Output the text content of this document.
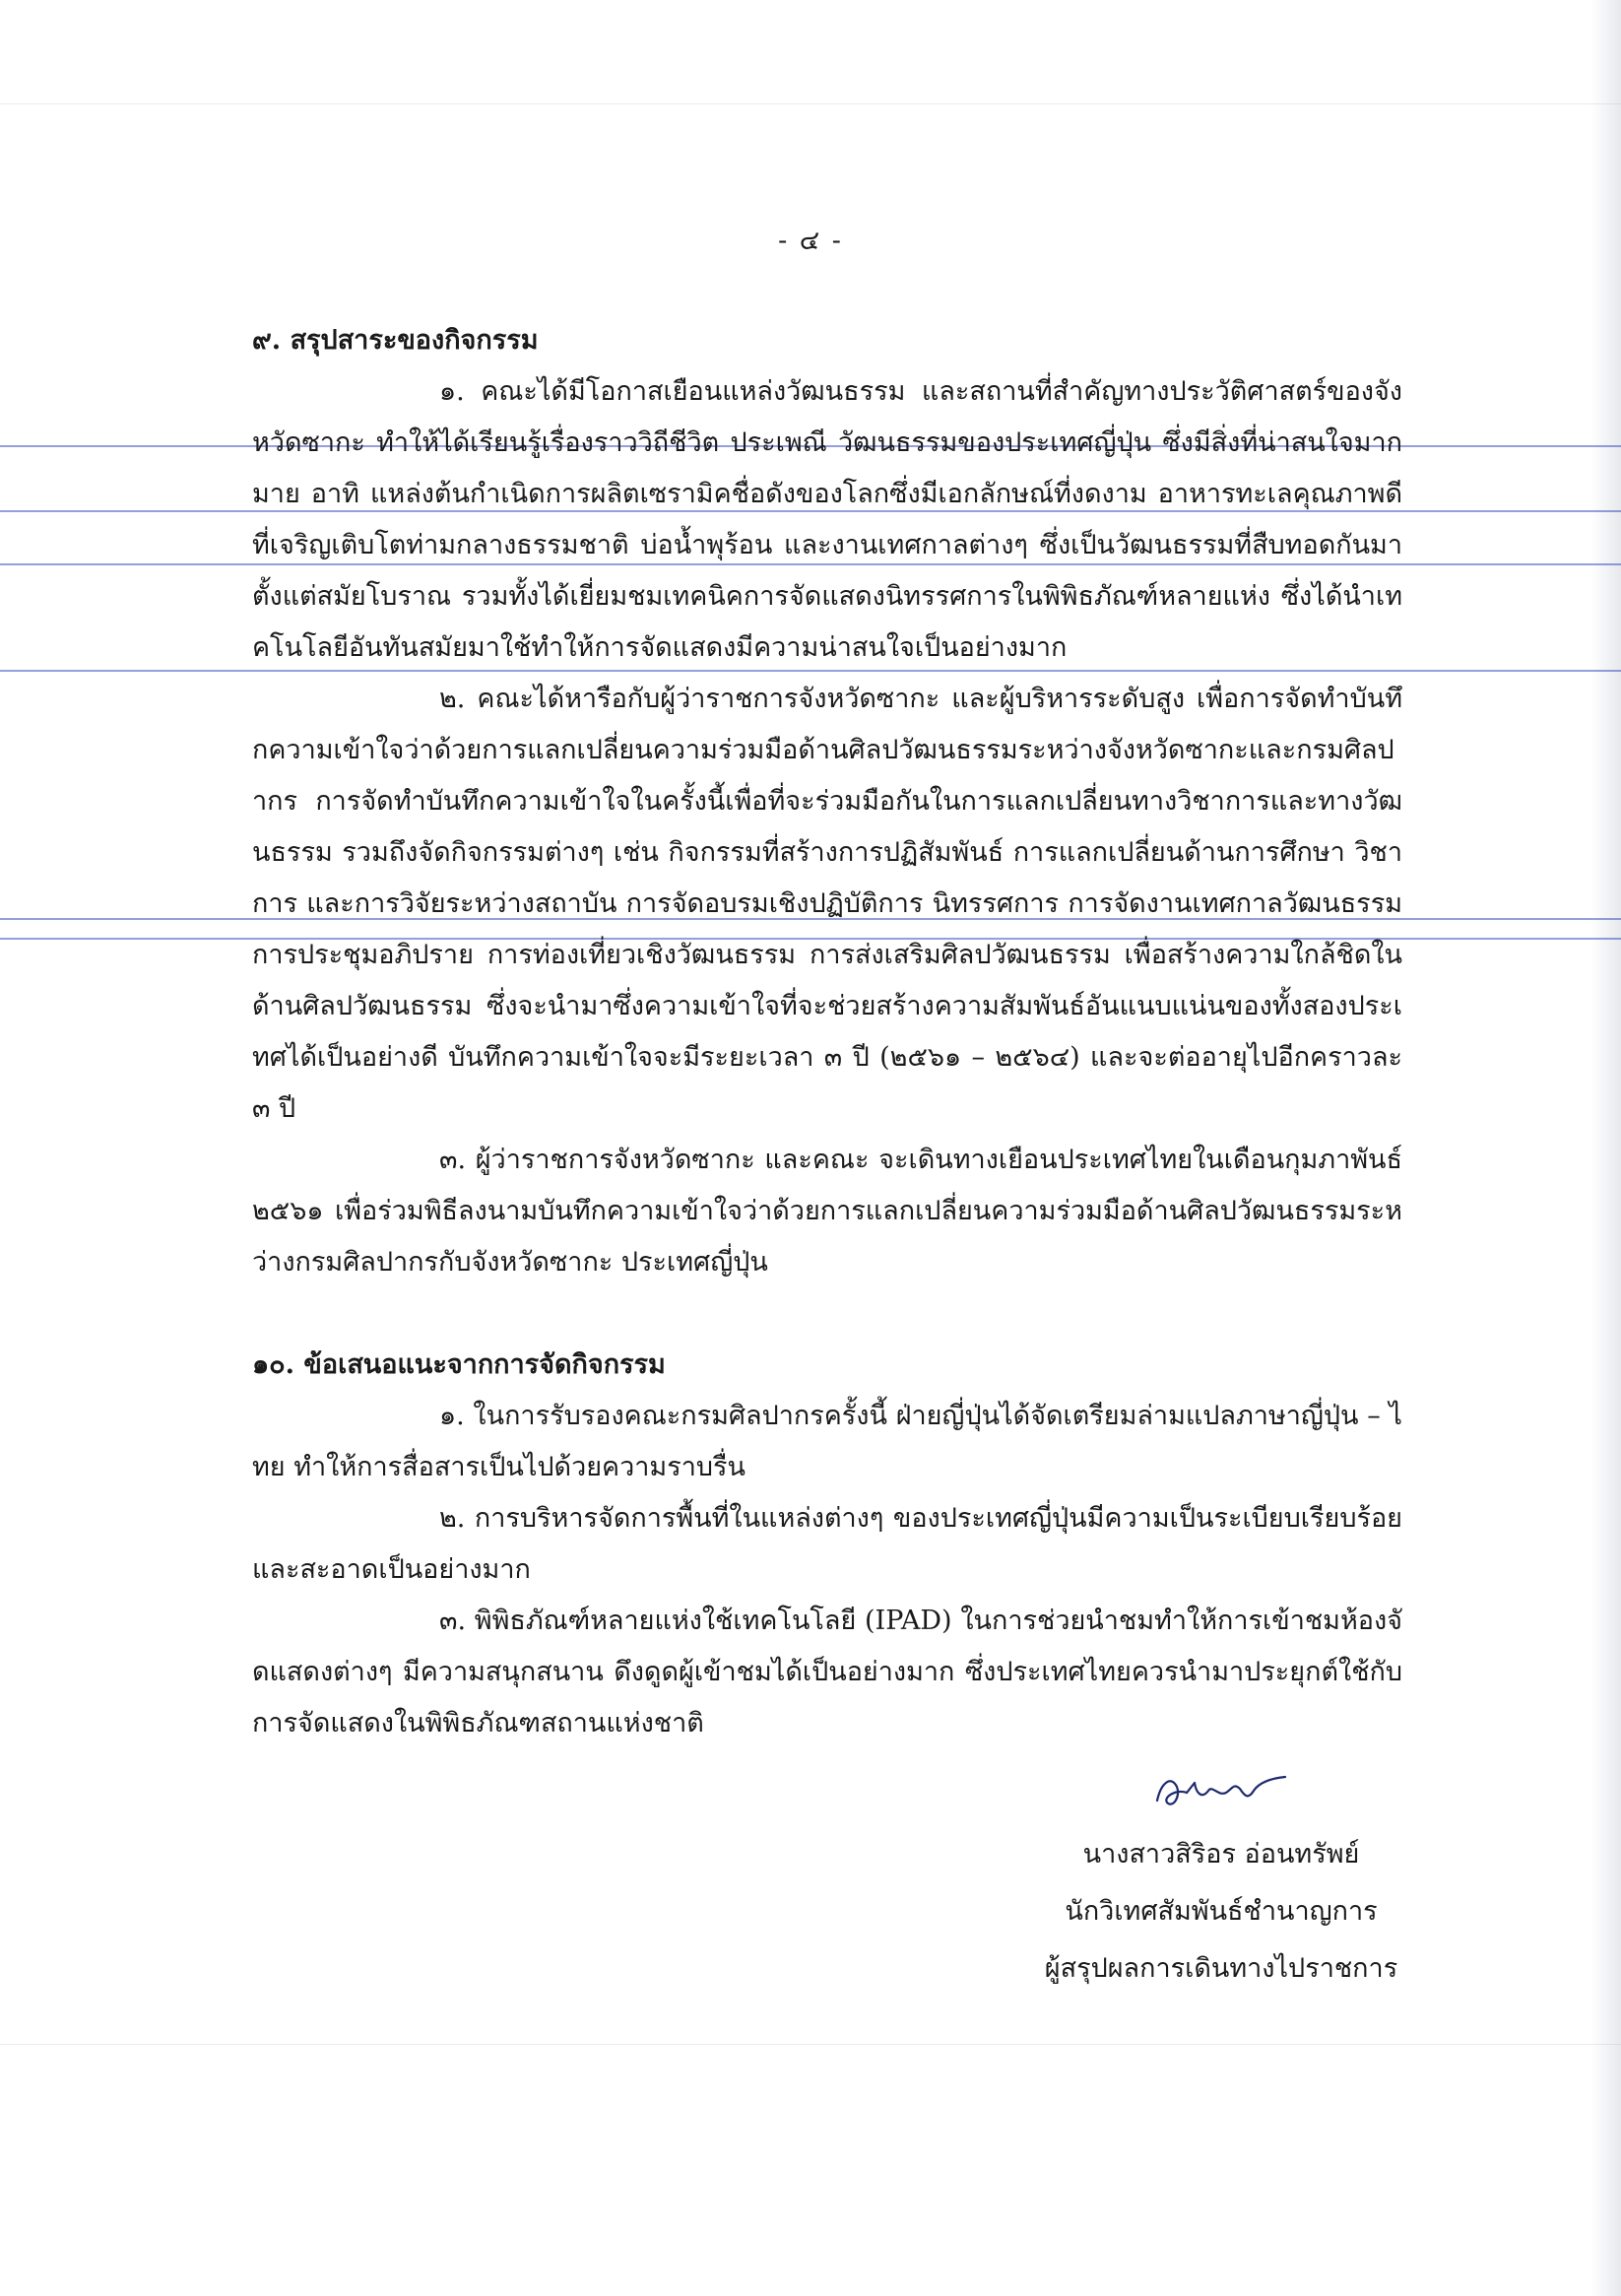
- ๔ -

๙. สรุปสาระของกิจกรรม

๑. คณะได้มีโอกาสเยือนแหล่งวัฒนธรรม และสถานที่สำคัญทางประวัติศาสตร์ของจังหวัดซากะ ทำให้ได้เรียนรู้เรื่องราววิถีชีวิต ประเพณี วัฒนธรรมของประเทศญี่ปุ่น ซึ่งมีสิ่งที่น่าสนใจมากมาย อาทิ แหล่งต้นกำเนิดการผลิตเซรามิคชื่อดังของโลกซึ่งมีเอกลักษณ์ที่งดงาม อาหารทะเลคุณภาพดีที่เจริญเติบโตท่ามกลางธรรมชาติ บ่อน้ำพุร้อน และงานเทศกาลต่างๆ ซึ่งเป็นวัฒนธรรมที่สืบทอดกันมาตั้งแต่สมัยโบราณ รวมทั้งได้เยี่ยมชมเทคนิคการจัดแสดงนิทรรศการในพิพิธภัณฑ์หลายแห่ง ซึ่งได้นำเทคโนโลยีอันทันสมัยมาใช้ทำให้การจัดแสดงมีความน่าสนใจเป็นอย่างมาก

๒. คณะได้หารือกับผู้ว่าราชการจังหวัดซากะ และผู้บริหารระดับสูง เพื่อการจัดทำบันทึกความเข้าใจว่าด้วยการแลกเปลี่ยนความร่วมมือด้านศิลปวัฒนธรรมระหว่างจังหวัดซากะและกรมศิลปากร การจัดทำบันทึกความเข้าใจในครั้งนี้เพื่อที่จะร่วมมือกันในการแลกเปลี่ยนทางวิชาการและทางวัฒนธรรม รวมถึงจัดกิจกรรมต่างๆ เช่น กิจกรรมที่สร้างการปฏิสัมพันธ์ การแลกเปลี่ยนด้านการศึกษา วิชาการ และการวิจัยระหว่างสถาบัน การจัดอบรมเชิงปฏิบัติการ นิทรรศการ การจัดงานเทศกาลวัฒนธรรม การประชุมอภิปราย การท่องเที่ยวเชิงวัฒนธรรม การส่งเสริมศิลปวัฒนธรรม เพื่อสร้างความใกล้ชิดในด้านศิลปวัฒนธรรม ซึ่งจะนำมาซึ่งความเข้าใจที่จะช่วยสร้างความสัมพันธ์อันแนบแน่นของทั้งสองประเทศได้เป็นอย่างดี บันทึกความเข้าใจจะมีระยะเวลา ๓ ปี (๒๕๖๑ – ๒๕๖๔) และจะต่ออายุไปอีกคราวละ ๓ ปี

๓. ผู้ว่าราชการจังหวัดซากะ และคณะ จะเดินทางเยือนประเทศไทยในเดือนกุมภาพันธ์ ๒๕๖๑ เพื่อร่วมพิธีลงนามบันทึกความเข้าใจว่าด้วยการแลกเปลี่ยนความร่วมมือด้านศิลปวัฒนธรรมระหว่างกรมศิลปากรกับจังหวัดซากะ ประเทศญี่ปุ่น

๑๐. ข้อเสนอแนะจากการจัดกิจกรรม

๑. ในการรับรองคณะกรมศิลปากรครั้งนี้ ฝ่ายญี่ปุ่นได้จัดเตรียมล่ามแปลภาษาญี่ปุ่น – ไทย ทำให้การสื่อสารเป็นไปด้วยความราบรื่น

๒. การบริหารจัดการพื้นที่ในแหล่งต่างๆ ของประเทศญี่ปุ่นมีความเป็นระเบียบเรียบร้อยและสะอาดเป็นอย่างมาก

๓. พิพิธภัณฑ์หลายแห่งใช้เทคโนโลยี (IPAD) ในการช่วยนำชมทำให้การเข้าชมห้องจัดแสดงต่างๆ มีความสนุกสนาน ดึงดูดผู้เข้าชมได้เป็นอย่างมาก ซึ่งประเทศไทยควรนำมาประยุกต์ใช้กับการจัดแสดงในพิพิธภัณฑสถานแห่งชาติ

นางสาวสิริอร อ่อนทรัพย์
นักวิเทศสัมพันธ์ชำนาญการ
ผู้สรุปผลการเดินทางไปราชการ
